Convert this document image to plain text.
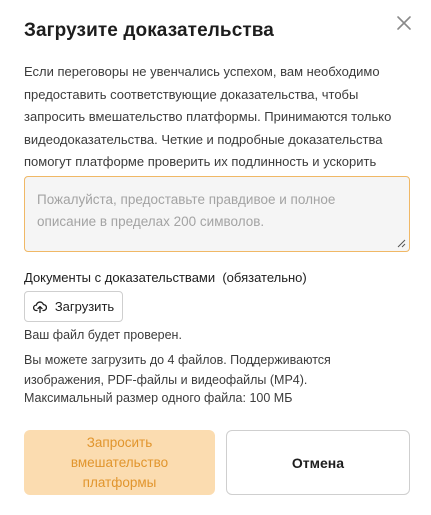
Загрузите доказательства

Если переговоры не увенчались успехом, вам необходимо предоставить соответствующие доказательства, чтобы запросить вмешательство платформы. Принимаются только видеодоказательства. Четкие и подробные доказательства помогут платформе проверить их подлинность и ускорить

Пожалуйста, предоставьте правдивое и полное описание в пределах 200 символов.
Документы с доказательствами  (обязательно)
Загрузить
Ваш файл будет проверен.
Вы можете загрузить до 4 файлов. Поддерживаются изображения, PDF-файлы и видеофайлы (MP4).
Максимальный размер одного файла: 100 МБ
Запросить вмешательство платформы
Отмена
